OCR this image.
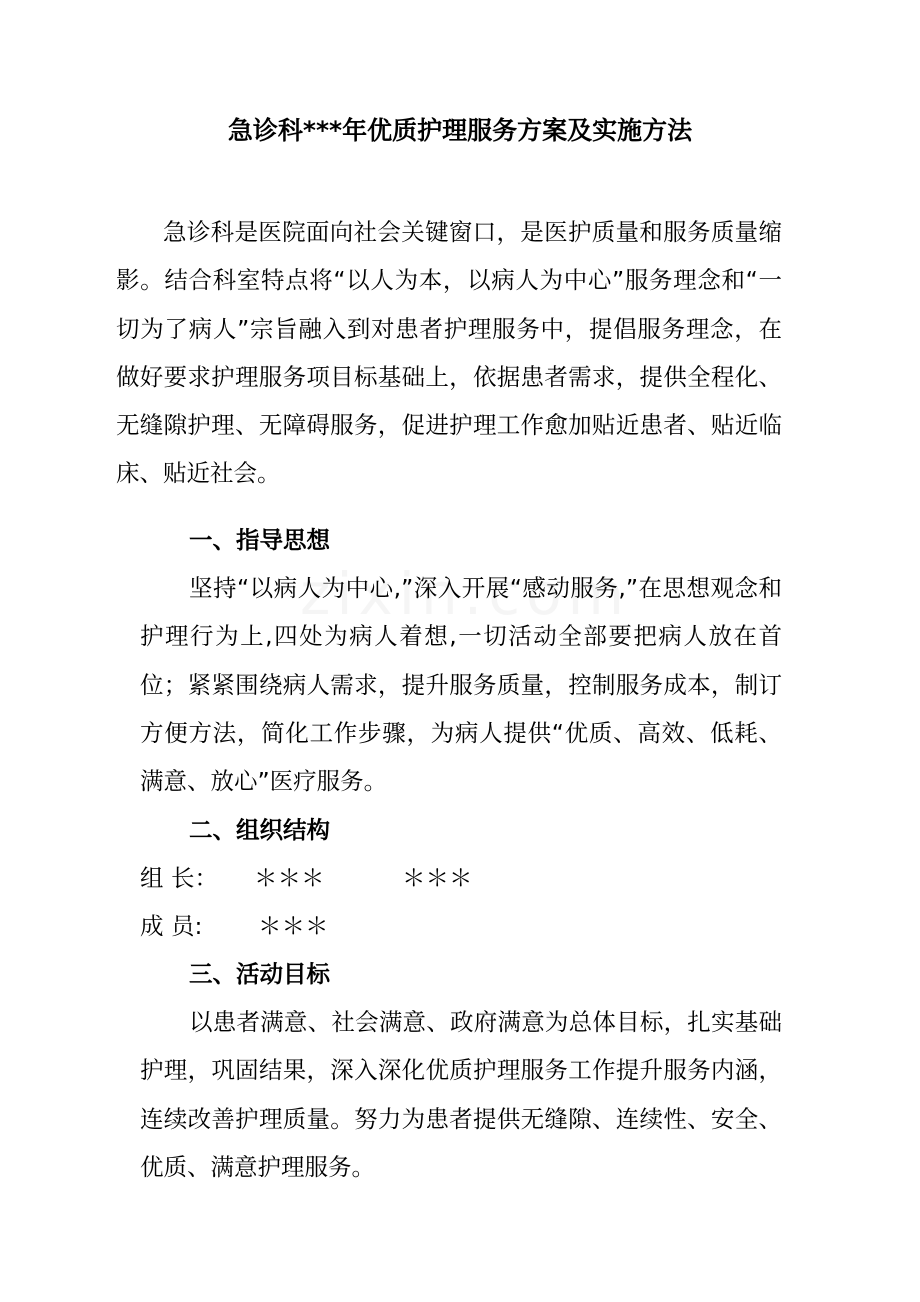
急诊科***年优质护理服务方案及实施方法

急诊科是医院面向社会关键窗口，是医护质量和服务质量缩影。结合科室特点将“以人为本，以病人为中心”服务理念和“一切为了病人”宗旨融入到对患者护理服务中，提倡服务理念，在做好要求护理服务项目标基础上，依据患者需求，提供全程化、无缝隙护理、无障碍服务，促进护理工作愈加贴近患者、贴近临床、贴近社会。

一、指导思想

坚持“以病人为中心,”深入开展“感动服务,”在思想观念和护理行为上,四处为病人着想,一切活动全部要把病人放在首位；紧紧围绕病人需求，提升服务质量，控制服务成本，制订方便方法，简化工作步骤，为病人提供“优质、高效、低耗、满意、放心”医疗服务。

二、组织结构
组 长： ＊＊＊	＊＊＊
成 员: ＊＊＊
三、活动目标

以患者满意、社会满意、政府满意为总体目标，扎实基础护理，巩固结果，深入深化优质护理服务工作提升服务内涵，连续改善护理质量。努力为患者提供无缝隙、连续性、安全、优质、满意护理服务。
